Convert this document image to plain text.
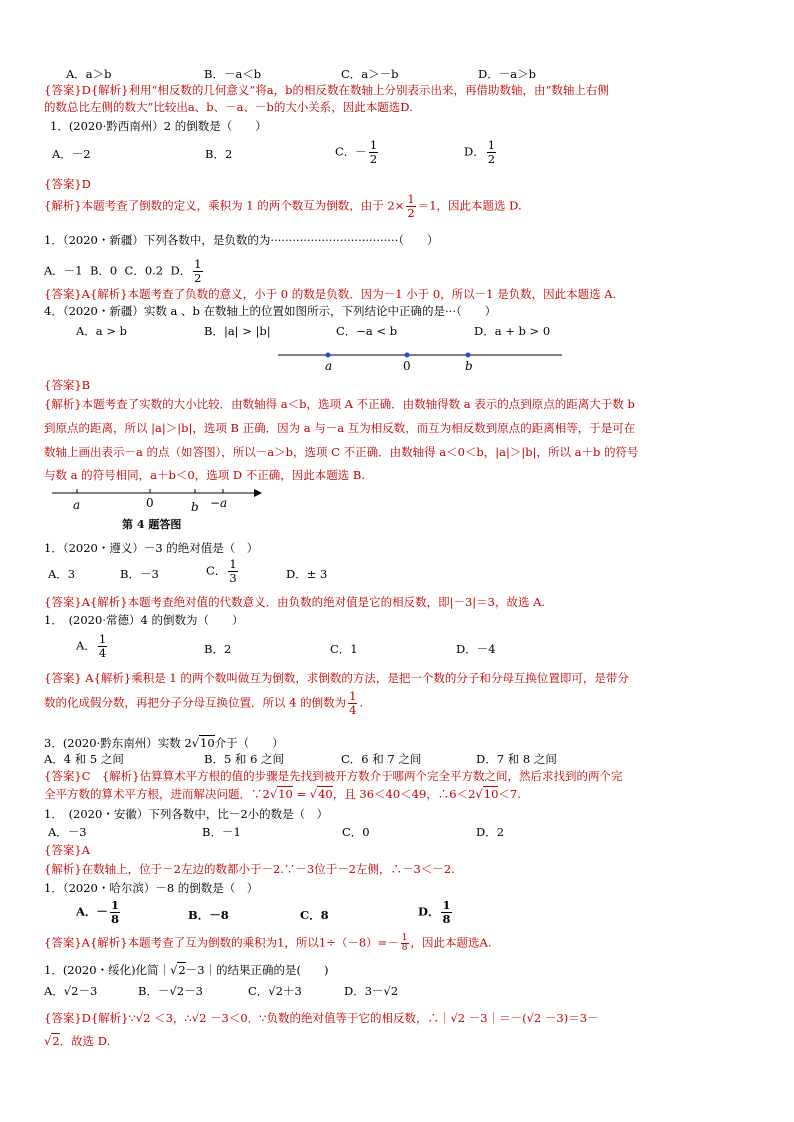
A．a＞b	B．－a＜b	C．a＞－b	D．－a＞b
{答案}D{解析}利用“相反数的几何意义”将a，b的相反数在数轴上分别表示出来，再借助数轴，由“数轴上右侧
的数总比左侧的数大”比较出a、b、－a、－b的大小关系，因此本题选D.
1．(2020·黔西南州）2 的倒数是（　　）
A．－2	B．2	C．－ $\frac{1}{2}$	D． $\frac{1}{2}$
{答案}D
{解析}本题考查了倒数的定义，乘积为 1 的两个数互为倒数，由于 $2\times \frac{1}{2} =1$，因此本题选 D.
1．（2020・新疆）下列各数中，是负数的为···································（　　）
A．－1 B．0 C．0.2 D． $\frac{1}{2}$
{答案}A{解析}本题考查了负数的意义，小于 0 的数是负数．因为－1 小于 0，所以－1 是负数，因此本题选 A.
4．（2020・新疆）实数 a 、b 在数轴上的位置如图所示，下列结论中正确的是···（　　）
A．a > b	B．|a| > |b|	C．−a < b	D．a + b > 0
a	0	b
{答案}B
{解析}本题考查了实数的大小比较．由数轴得 a＜b，选项 A 不正确．由数轴得数 a 表示的点到原点的距离大于数 b
到原点的距离，所以 |a|＞|b|，选项 B 正确．因为 a 与－a 互为相反数，而互为相反数到原点的距离相等，于是可在
数轴上画出表示－a 的点（如答图），所以－a＞b，选项 C 不正确．由数轴得 a＜0＜b，|a|＞|b|，所以 a＋b 的符号
与数 a 的符号相同，a＋b＜0，选项 D 不正确，因此本题选 B.
a	0	b −a
第 4 题答图
1．（2020・遵义）－3 的绝对值是（　）
A．3	B．－3	C． $\frac{1}{3}$	D．± 3
{答案}A{解析}本题考查绝对值的代数意义．由负数的绝对值是它的相反数，即|－3|＝3，故选 A.
1．　(2020·常德）4 的倒数为（　　）
A． $\frac{1}{4}$	B．2	C．1	D．－4
{答案} A{解析}乘积是 1 的两个数叫做互为倒数，求倒数的方法，是把一个数的分子和分母互换位置即可，是带分
数的化成假分数，再把分子分母互换位置．所以 4 的倒数为 $\frac{1}{4}$ .
3．(2020·黔东南州）实数 2√10介于（　　）
A．4 和 5 之间	B．5 和 6 之间	C．6 和 7 之间	D．7 和 8 之间
{答案}C　{解析}估算算术平方根的值的步骤是先找到被开方数介于哪两个完全平方数之间，然后求找到的两个完
全平方数的算术平方根，进而解决问题．∵2√10 = √40，且 36＜40＜49，∴6＜2√10＜7.
1．　(2020・安徽）下列各数中，比－2小的数是（　）
A．－3	B．－1	C．0	D．2
{答案}A
{解析}在数轴上，位于－2左边的数都小于－2.∵－3位于－2左侧，∴－3＜－2.
1．（2020・哈尔滨）－8 的倒数是（　）
A．－ $\frac{1}{8}$	B．－8	C．8	D． $\frac{1}{8}$
{答案}A{解析}本题考查了互为倒数的乘积为1，所以$1\div(-8)=- \frac{1}{8}$ ，因此本题选A.
1．(2020・绥化)化简｜√2－3｜的结果正确的是(　　)
A．√2－3	B．－√2－3	C．√2＋3	D．3－√2
{答案}D{解析}∵√2 ＜3，∴√2 －3＜0．∵负数的绝对值等于它的相反数，∴｜√2 －3｜＝－(√2 －3)＝3－
√2．故选 D.
